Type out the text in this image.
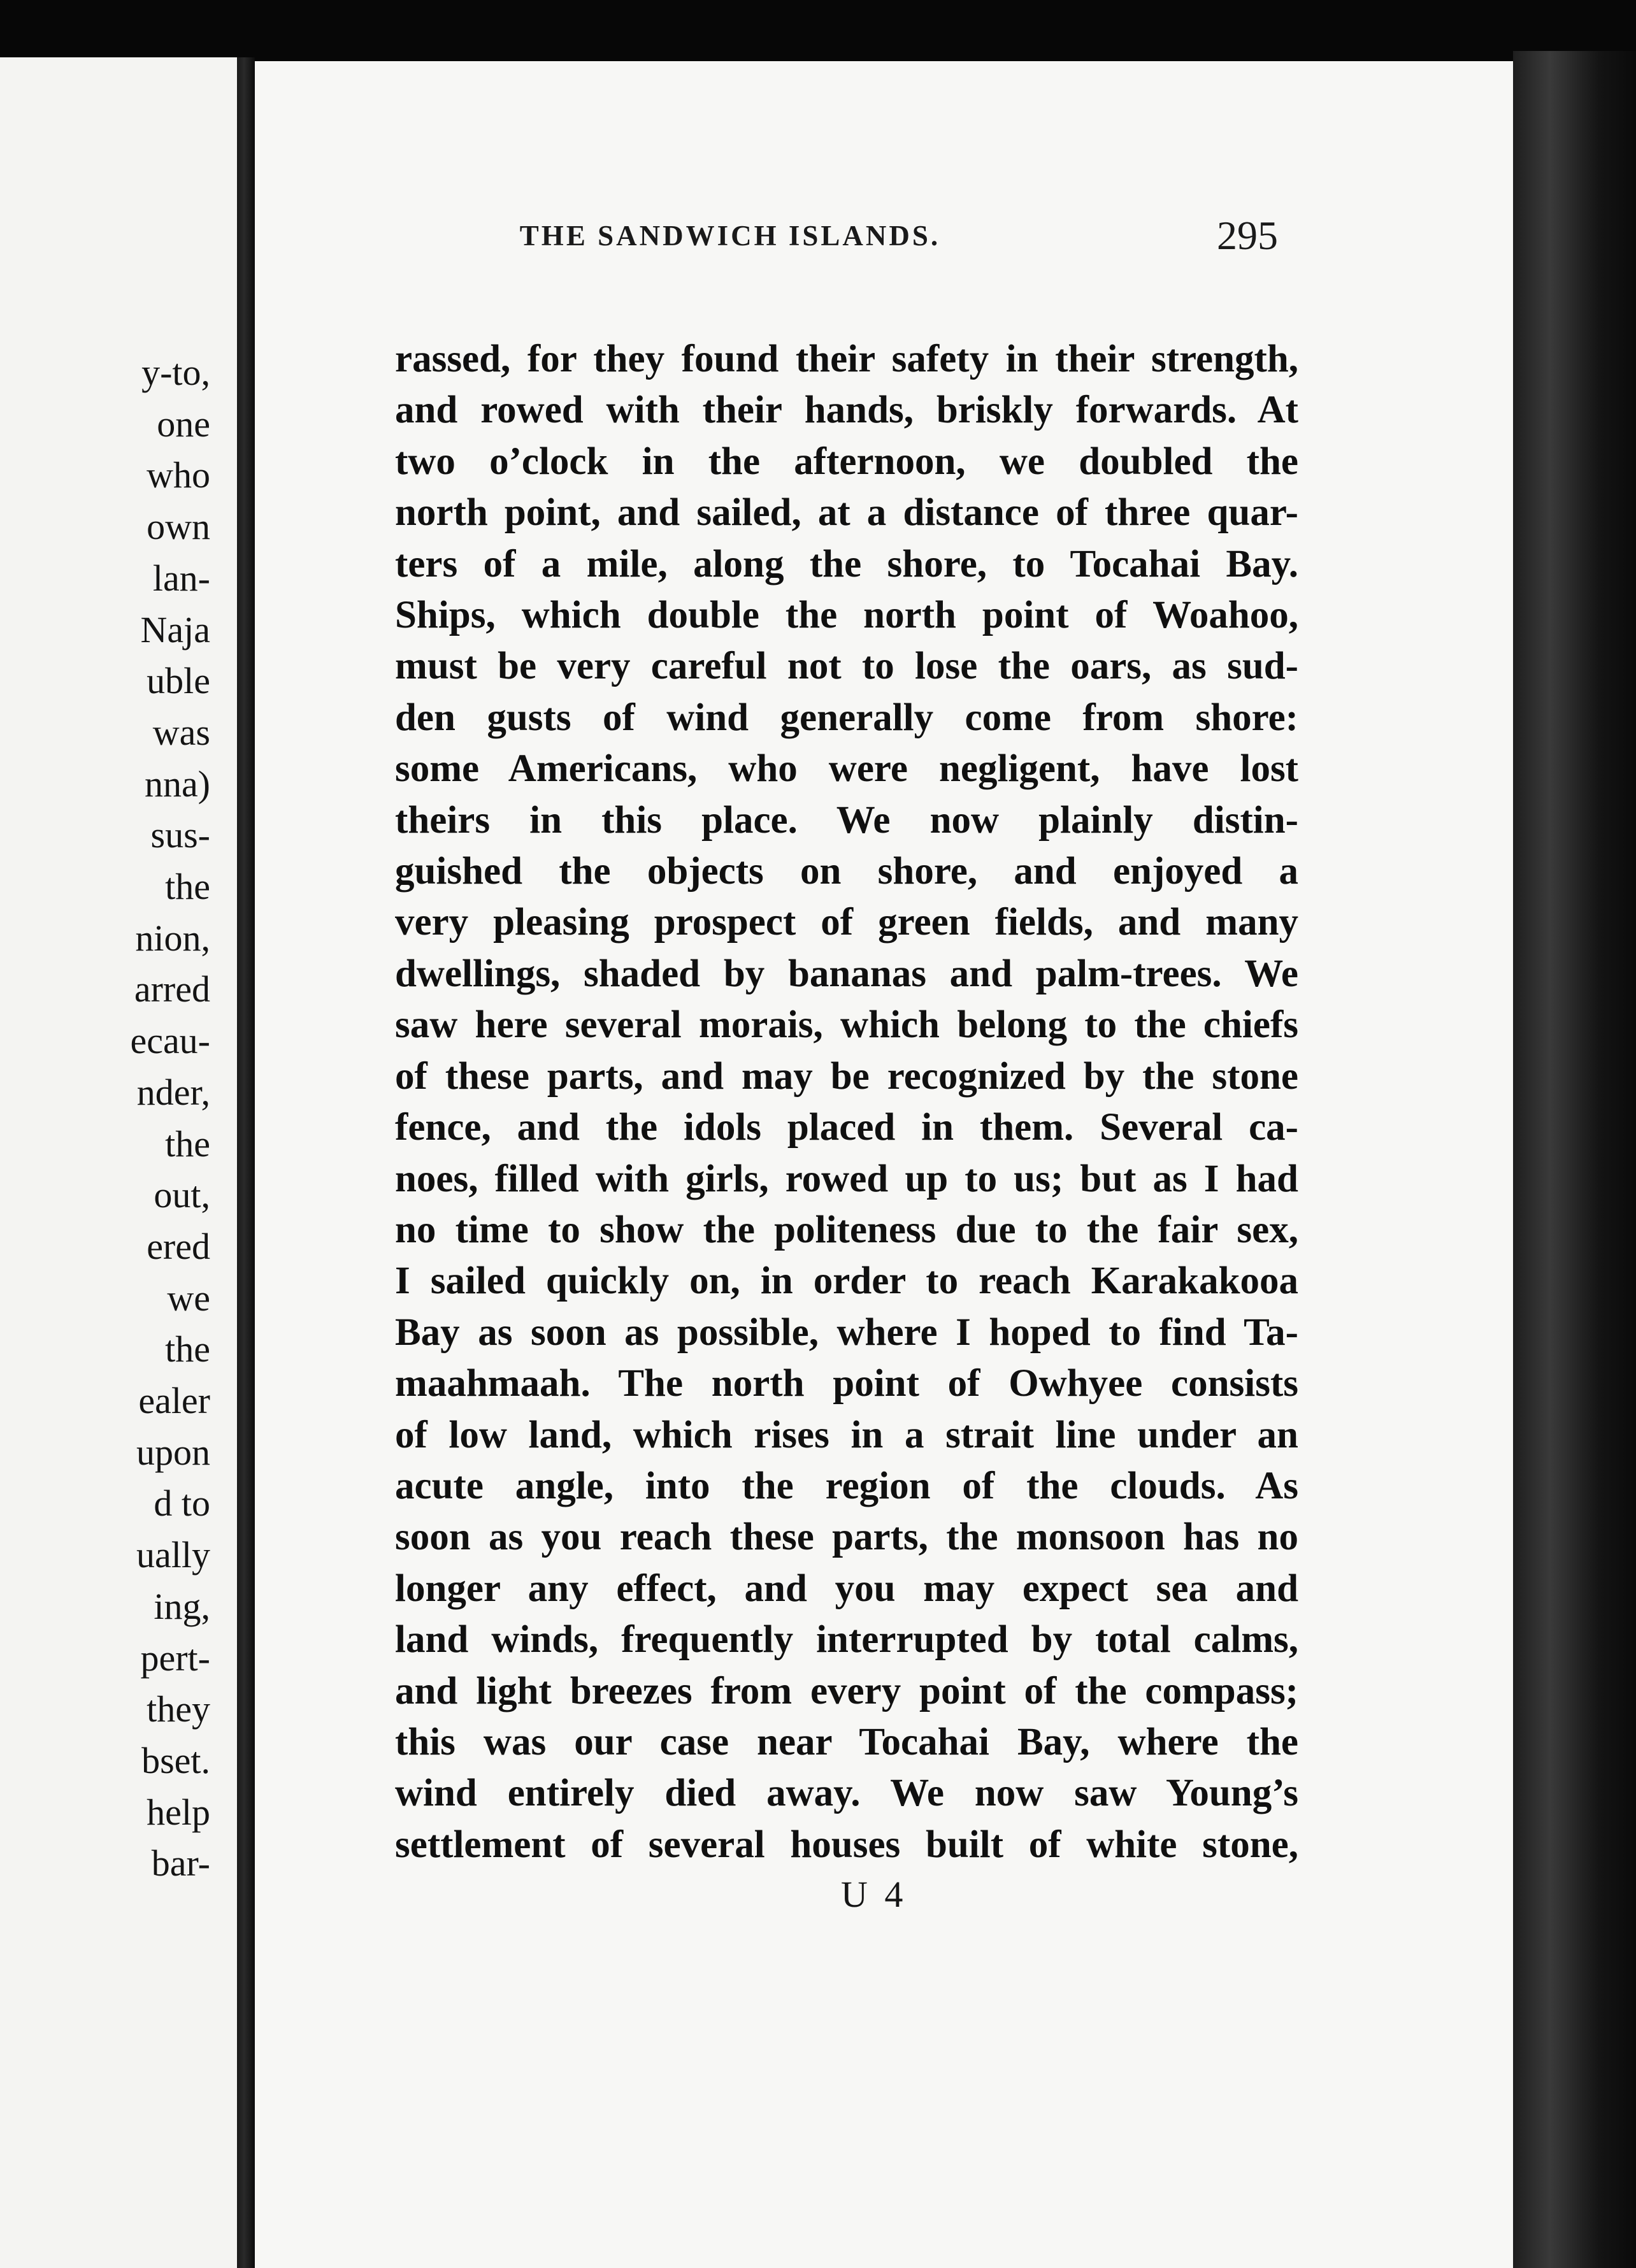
y-to,
one
who
own
lan-
Naja
uble
was
nna)
sus-
the
nion,
arred
ecau-
nder,
the
out,
ered
we
the
ealer
upon
d to
ually
ing,
pert-
they
bset.
help
bar-
THE SANDWICH ISLANDS.	295
rassed, for they found their safety in their strength,
and rowed with their hands, briskly forwards. At
two o’clock in the afternoon, we doubled the
north point, and sailed, at a distance of three quar-
ters of a mile, along the shore, to Tocahai Bay.
Ships, which double the north point of Woahoo,
must be very careful not to lose the oars, as sud-
den gusts of wind generally come from shore:
some Americans, who were negligent, have lost
theirs in this place. We now plainly distin-
guished the objects on shore, and enjoyed a
very pleasing prospect of green fields, and many
dwellings, shaded by bananas and palm-trees. We
saw here several morais, which belong to the chiefs
of these parts, and may be recognized by the stone
fence, and the idols placed in them. Several ca-
noes, filled with girls, rowed up to us; but as I had
no time to show the politeness due to the fair sex,
I sailed quickly on, in order to reach Karakakooa
Bay as soon as possible, where I hoped to find Ta-
maahmaah. The north point of Owhyee consists
of low land, which rises in a strait line under an
acute angle, into the region of the clouds. As
soon as you reach these parts, the monsoon has no
longer any effect, and you may expect sea and
land winds, frequently interrupted by total calms,
and light breezes from every point of the compass;
this was our case near Tocahai Bay, where the
wind entirely died away. We now saw Young’s
settlement of several houses built of white stone,
U 4
